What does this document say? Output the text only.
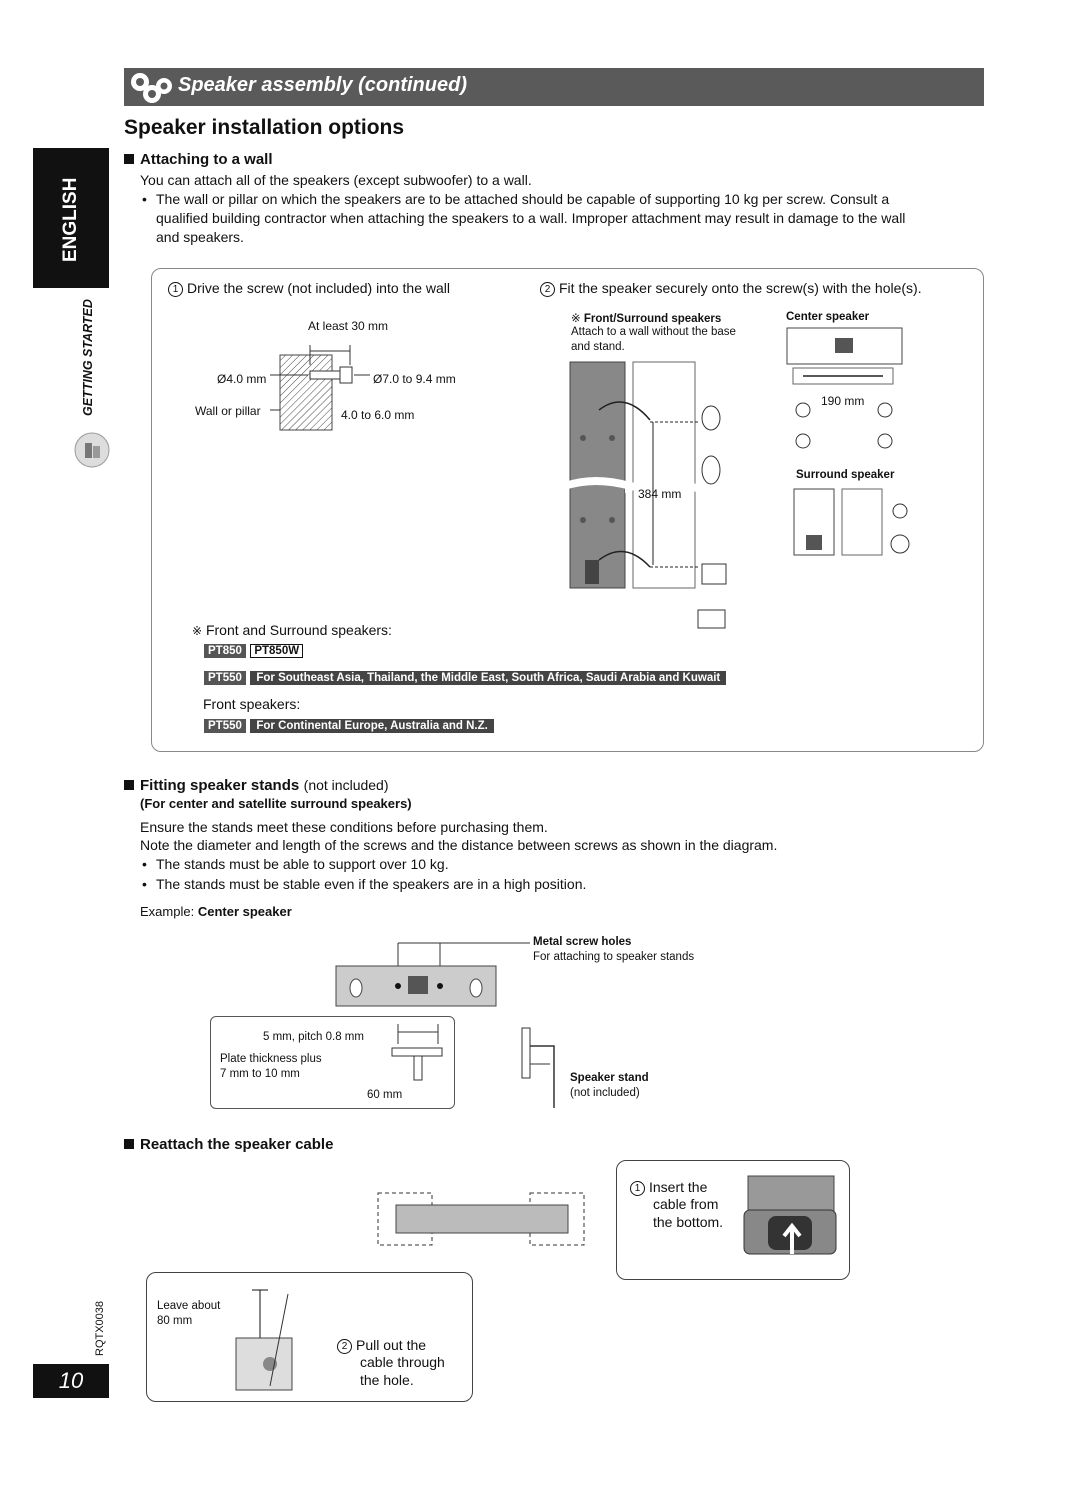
Speaker assembly (continued)
Speaker installation options
ENGLISH
GETTING STARTED
RQTX0038
10
Attaching to a wall
You can attach all of the speakers (except subwoofer) to a wall.
• The wall or pillar on which the speakers are to be attached should be capable of supporting 10 kg per screw. Consult a
qualified building contractor when attaching the speakers to a wall. Improper attachment may result in damage to the wall
and speakers.
1 Drive the screw (not included) into the wall	2 Fit the speaker securely onto the screw(s) with the hole(s).
At least 30 mm
Ø4.0 mm	Ø7.0 to 9.4 mm
Wall or pillar	4.0 to 6.0 mm
※ Front/Surround speakers
Attach to a wall without the base
and stand.
Center speaker
384 mm
190 mm
Surround speaker
※ Front and Surround speakers:
PT850 PT850W
PT550 For Southeast Asia, Thailand, the Middle East, South Africa, Saudi Arabia and Kuwait
Front speakers:
PT550 For Continental Europe, Australia and N.Z.
Fitting speaker stands (not included)
(For center and satellite surround speakers)
Ensure the stands meet these conditions before purchasing them.
Note the diameter and length of the screws and the distance between screws as shown in the diagram.
• The stands must be able to support over 10 kg.
• The stands must be stable even if the speakers are in a high position.
Example: Center speaker
Metal screw holes
For attaching to speaker stands
5 mm, pitch 0.8 mm
Plate thickness plus
7 mm to 10 mm
60 mm
Speaker stand
(not included)
Reattach the speaker cable
1 Insert the
cable from
the bottom.
Leave about
80 mm
2 Pull out the
cable through
the hole.
